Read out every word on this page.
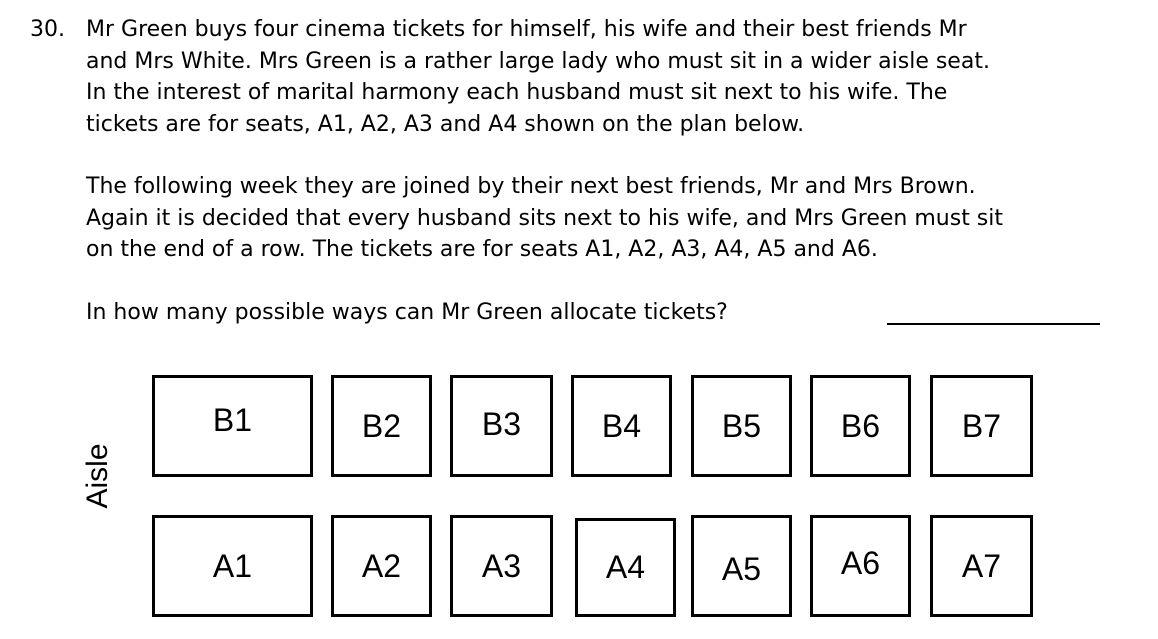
30. Mr Green buys four cinema tickets for himself, his wife and their best friends Mr
and Mrs White. Mrs Green is a rather large lady who must sit in a wider aisle seat.
In the interest of marital harmony each husband must sit next to his wife. The
tickets are for seats, A1, A2, A3 and A4 shown on the plan below.
The following week they are joined by their next best friends, Mr and Mrs Brown.
Again it is decided that every husband sits next to his wife, and Mrs Green must sit
on the end of a row. The tickets are for seats A1, A2, A3, A4, A5 and A6.
In how many possible ways can Mr Green allocate tickets?
Aisle
B1	B2	B3	B4	B5 B6	B7
A1	A2	A3	A4 A5 A6	A7
